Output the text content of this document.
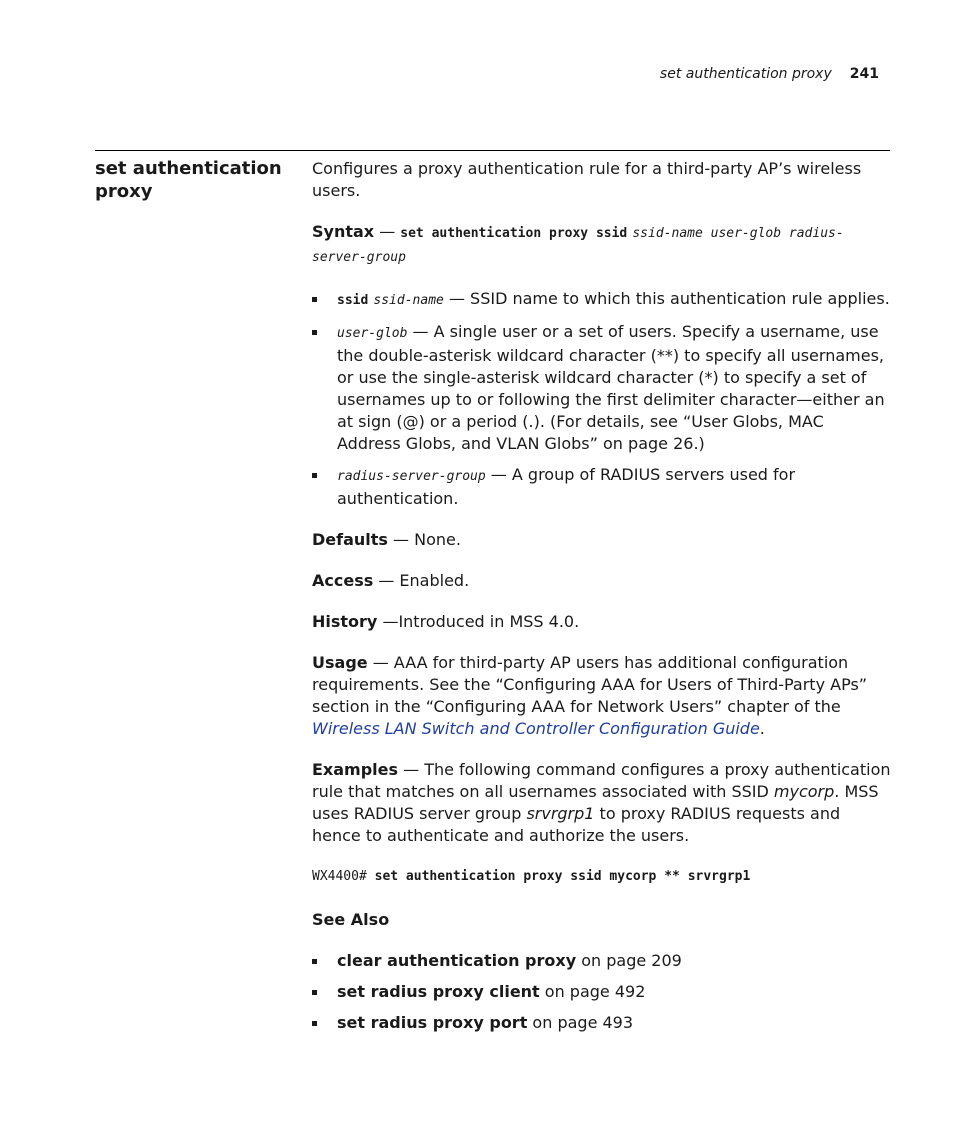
set authentication proxy 241
set authentication proxy

Configures a proxy authentication rule for a third-party AP’s wireless users.

Syntax — set authentication proxy ssid ssid-name user-glob radius-server-group

ssid ssid-name — SSID name to which this authentication rule applies.
user-glob — A single user or a set of users. Specify a username, use the double-asterisk wildcard character (**) to specify all usernames, or use the single-asterisk wildcard character (*) to specify a set of usernames up to or following the first delimiter character—either an at sign (@) or a period (.). (For details, see “User Globs, MAC Address Globs, and VLAN Globs” on page 26.)
radius-server-group — A group of RADIUS servers used for authentication.

Defaults — None.

Access — Enabled.

History —Introduced in MSS 4.0.

Usage — AAA for third-party AP users has additional configuration requirements. See the “Configuring AAA for Users of Third-Party APs” section in the “Configuring AAA for Network Users” chapter of the Wireless LAN Switch and Controller Configuration Guide.

Examples — The following command configures a proxy authentication rule that matches on all usernames associated with SSID mycorp. MSS uses RADIUS server group srvrgrp1 to proxy RADIUS requests and hence to authenticate and authorize the users.

WX4400# set authentication proxy ssid mycorp ** srvrgrp1
See Also
clear authentication proxy on page 209
set radius proxy client on page 492
set radius proxy port on page 493
